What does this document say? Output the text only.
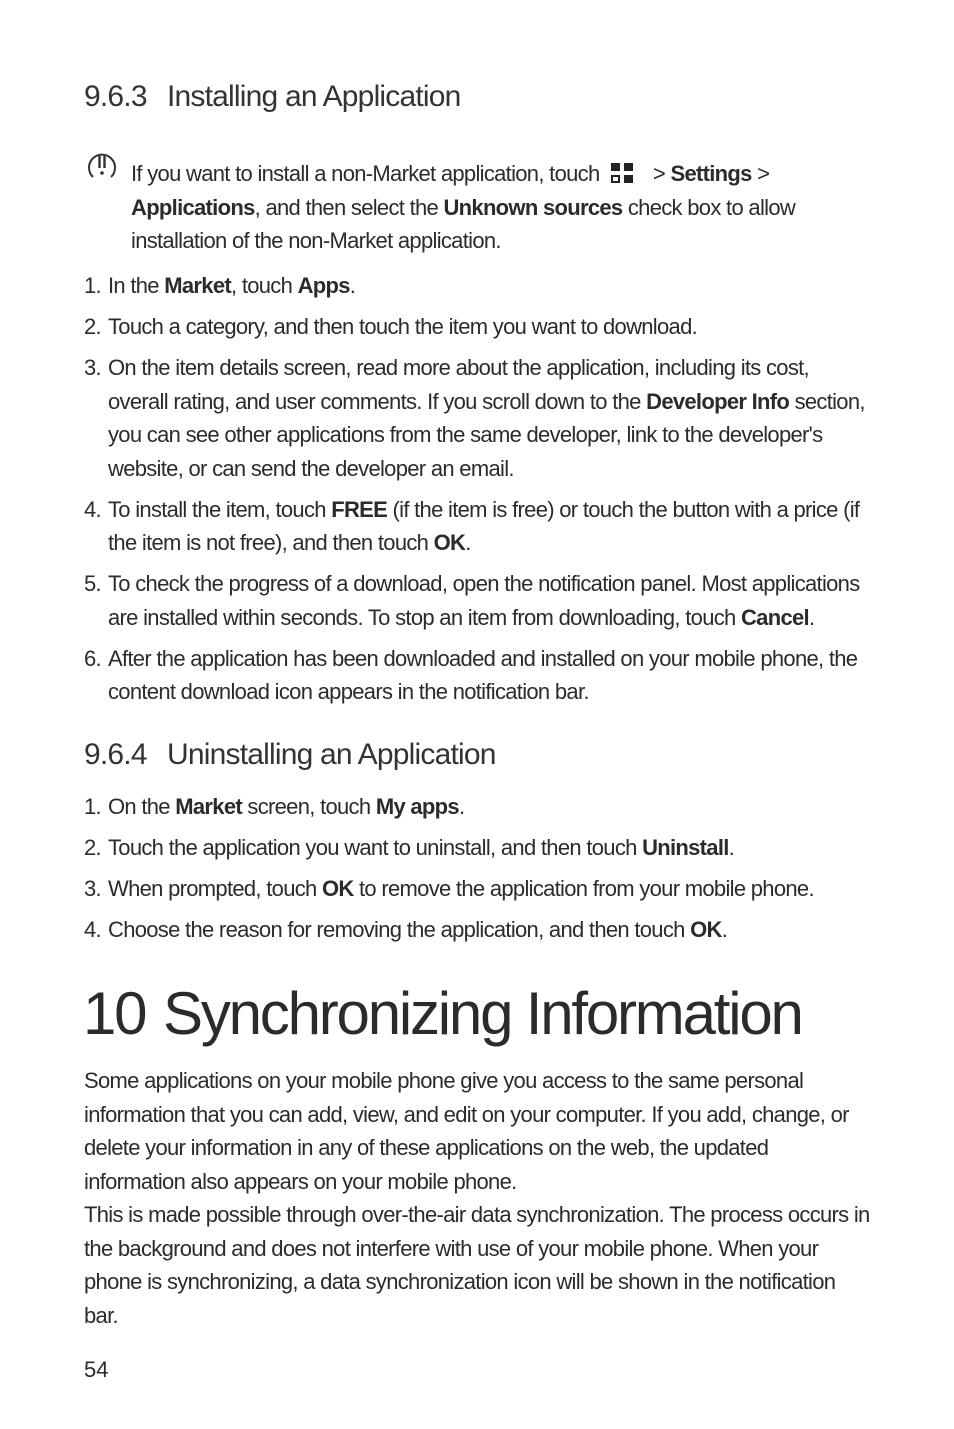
9.6.3 Installing an Application
If you want to install a non-Market application, touch
> Settings >
Applications, and then select the Unknown sources check box to allow installation of the non-Market application.
1. In the Market, touch Apps.
2. Touch a category, and then touch the item you want to download.
3. On the item details screen, read more about the application, including its cost, overall rating, and user comments. If you scroll down to the Developer Info section, you can see other applications from the same developer, link to the developer's website, or can send the developer an email.
4. To install the item, touch FREE (if the item is free) or touch the button with a price (if the item is not free), and then touch OK.
5. To check the progress of a download, open the notification panel. Most applications are installed within seconds. To stop an item from downloading, touch Cancel.
6. After the application has been downloaded and installed on your mobile phone, the content download icon appears in the notification bar.
9.6.4 Uninstalling an Application
1. On the Market screen, touch My apps.
2. Touch the application you want to uninstall, and then touch Uninstall.
3. When prompted, touch OK to remove the application from your mobile phone.
4. Choose the reason for removing the application, and then touch OK.
10 Synchronizing Information
Some applications on your mobile phone give you access to the same personal information that you can add, view, and edit on your computer. If you add, change, or delete your information in any of these applications on the web, the updated information also appears on your mobile phone.
This is made possible through over-the-air data synchronization. The process occurs in the background and does not interfere with use of your mobile phone. When your phone is synchronizing, a data synchronization icon will be shown in the notification bar.
54
